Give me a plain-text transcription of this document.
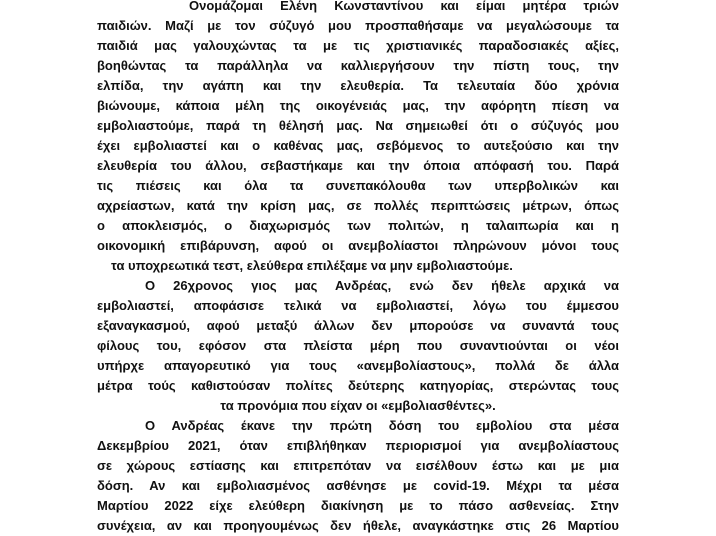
Ονομάζομαι Ελένη Κωνσταντίνου και είμαι μητέρα τριών
παιδιών. Μαζί με τον σύζυγό μου προσπαθήσαμε να μεγαλώσουμε τα
παιδιά μας γαλουχώντας τα με τις χριστιανικές παραδοσιακές αξίες,
βοηθώντας τα παράλληλα να καλλιεργήσουν την πίστη τους, την
ελπίδα, την αγάπη και την ελευθερία. Τα τελευταία δύο χρόνια
βιώνουμε, κάποια μέλη της οικογένειάς μας, την αφόρητη πίεση να
εμβολιαστούμε, παρά τη θέλησή μας. Να σημειωθεί ότι ο σύζυγός μου
έχει εμβολιαστεί και ο καθένας μας, σεβόμενος το αυτεξούσιο και την
ελευθερία του άλλου, σεβαστήκαμε και την όποια απόφασή του. Παρά
τις πιέσεις και όλα τα συνεπακόλουθα των υπερβολικών και
αχρείαστων, κατά την κρίση μας, σε πολλές περιπτώσεις μέτρων, όπως
ο αποκλεισμός, ο διαχωρισμός των πολιτών, η ταλαιπωρία και η
οικονομική επιβάρυνση, αφού οι ανεμβολίαστοι πληρώνουν μόνοι τους
τα υποχρεωτικά τεστ, ελεύθερα επιλέξαμε να μην εμβολιαστούμε.
Ο 26χρονος γιος μας Ανδρέας, ενώ δεν ήθελε αρχικά να
εμβολιαστεί, αποφάσισε τελικά να εμβολιαστεί, λόγω του έμμεσου
εξαναγκασμού, αφού μεταξύ άλλων δεν μπορούσε να συναντά τους
φίλους του, εφόσον στα πλείστα μέρη που συναντιούνται οι νέοι
υπήρχε απαγορευτικό για τους «ανεμβολίαστους», πολλά δε άλλα
μέτρα τούς καθιστούσαν πολίτες δεύτερης κατηγορίας, στερώντας τους
τα προνόμια που είχαν οι «εμβολιασθέντες».
Ο Ανδρέας έκανε την πρώτη δόση του εμβολίου στα μέσα
Δεκεμβρίου 2021, όταν επιβλήθηκαν περιορισμοί για ανεμβολίαστους
σε χώρους εστίασης και επιτρεπόταν να εισέλθουν έστω και με μια
δόση. Αν και εμβολιασμένος ασθένησε με covid-19. Μέχρι τα μέσα
Μαρτίου 2022 είχε ελεύθερη διακίνηση με το πάσο ασθενείας. Στην
συνέχεια, αν και προηγουμένως δεν ήθελε, αναγκάστηκε στις 26 Μαρτίου
